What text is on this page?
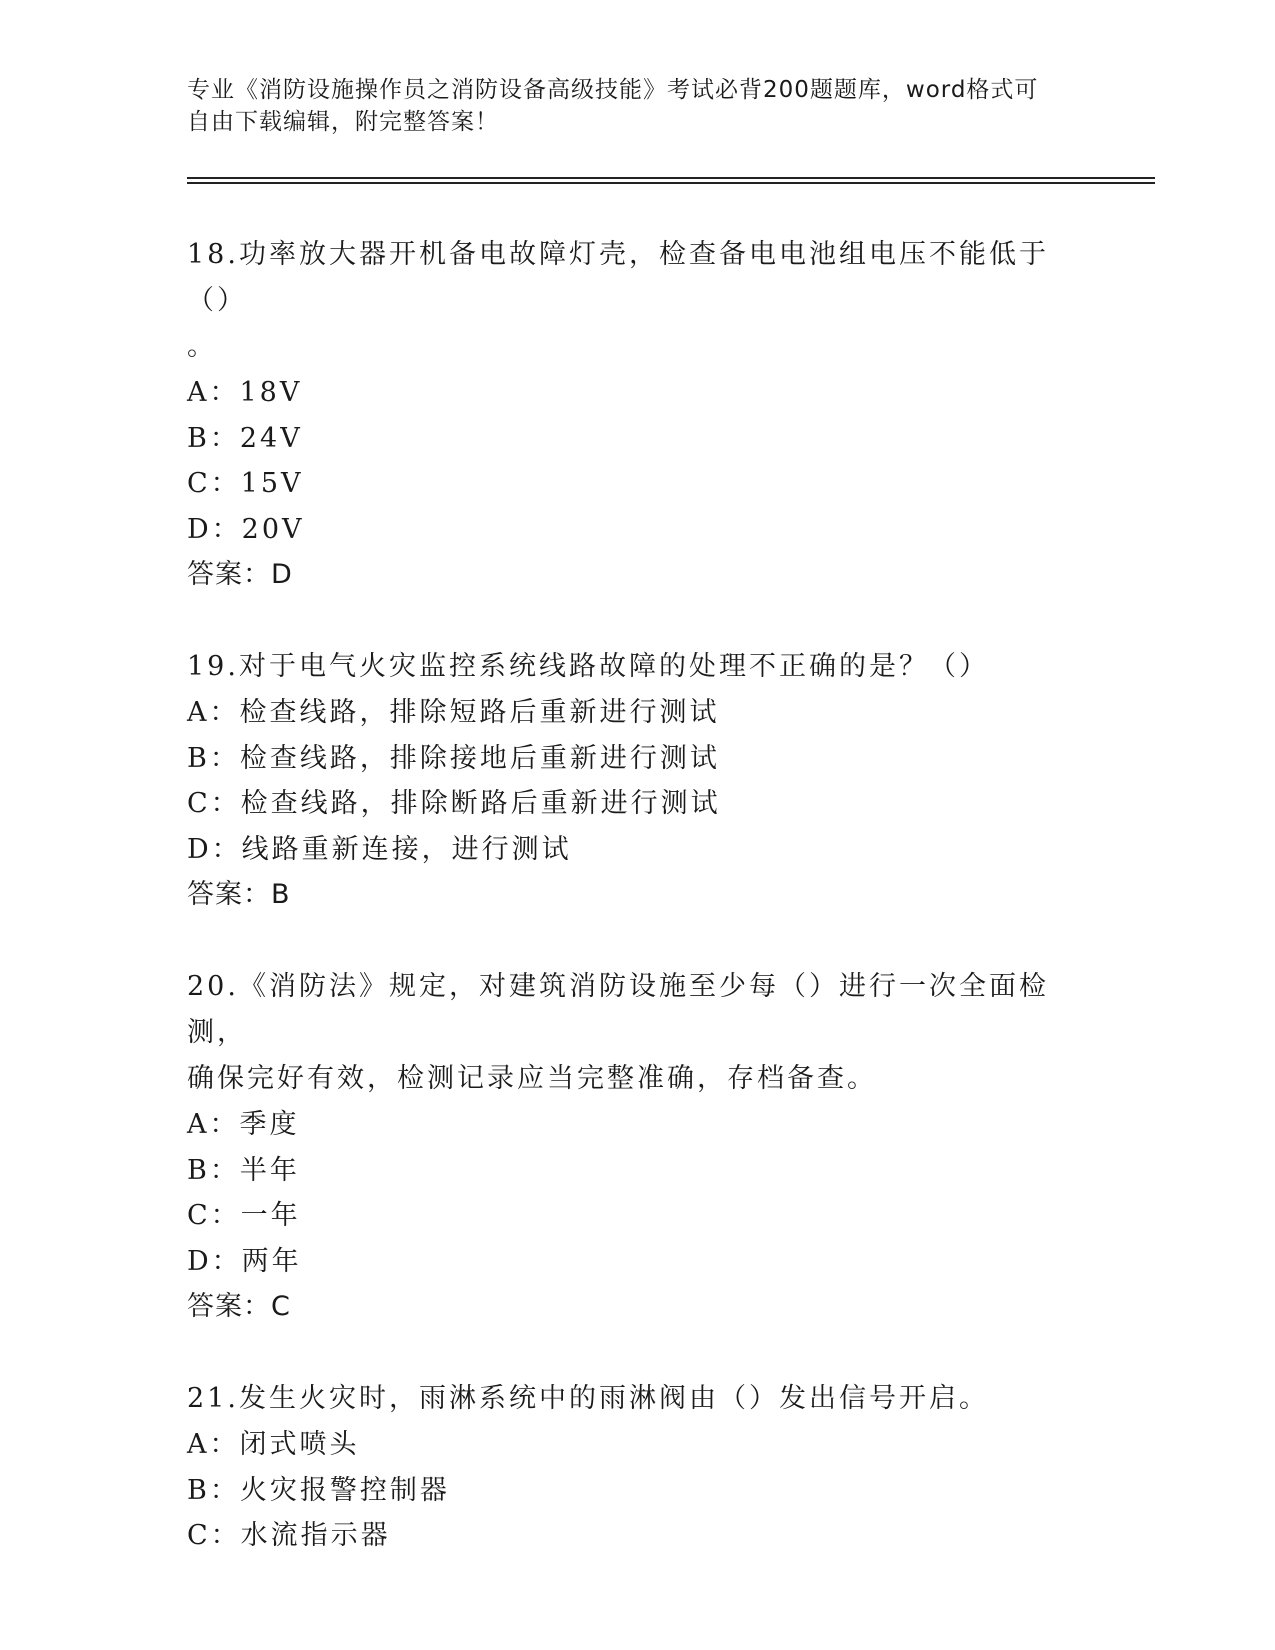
专业《消防设施操作员之消防设备高级技能》考试必背200题题库，word格式可
自由下载编辑，附完整答案！

18.功率放大器开机备电故障灯壳，检查备电电池组电压不能低于（）

。

A：18V

B：24V

C：15V

D：20V

答案：D

19.对于电气火灾监控系统线路故障的处理不正确的是？（）

A：检查线路，排除短路后重新进行测试

B：检查线路，排除接地后重新进行测试

C：检查线路，排除断路后重新进行测试

D：线路重新连接，进行测试

答案：B

20.《消防法》规定，对建筑消防设施至少每（）进行一次全面检测，

确保完好有效，检测记录应当完整准确，存档备查。

A：季度

B：半年

C：一年

D：两年

答案：C

21.发生火灾时，雨淋系统中的雨淋阀由（）发出信号开启。

A：闭式喷头

B：火灾报警控制器

C：水流指示器
